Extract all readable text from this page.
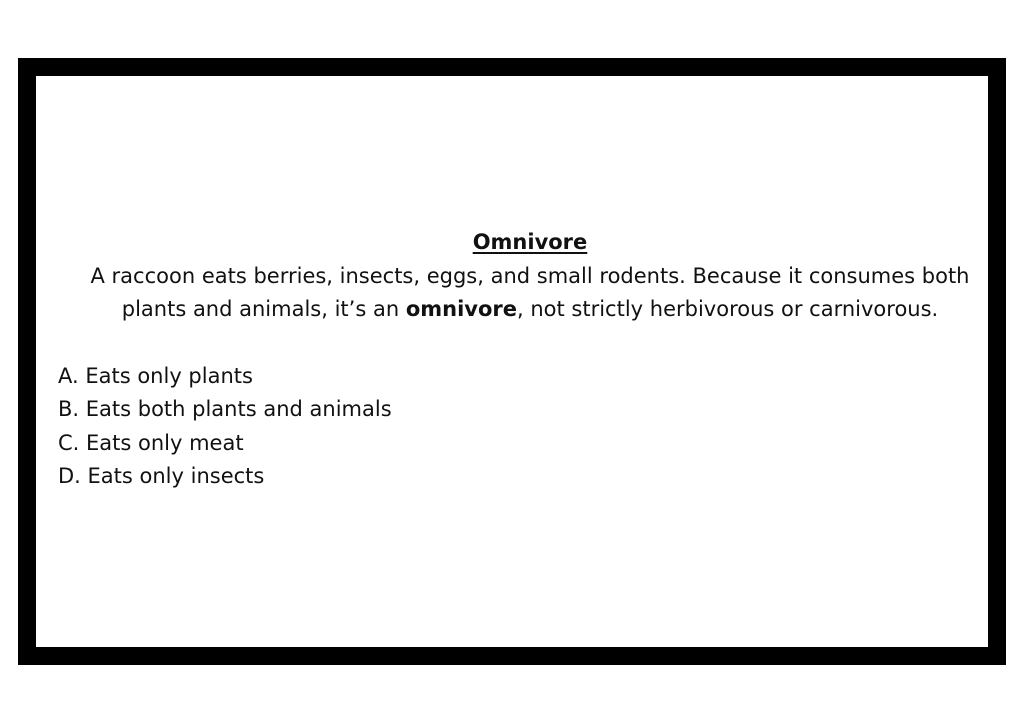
Omnivore
A raccoon eats berries, insects, eggs, and small rodents. Because it consumes both plants and animals, it’s an omnivore, not strictly herbivorous or carnivorous.
A. Eats only plants
B. Eats both plants and animals
C. Eats only meat
D. Eats only insects
